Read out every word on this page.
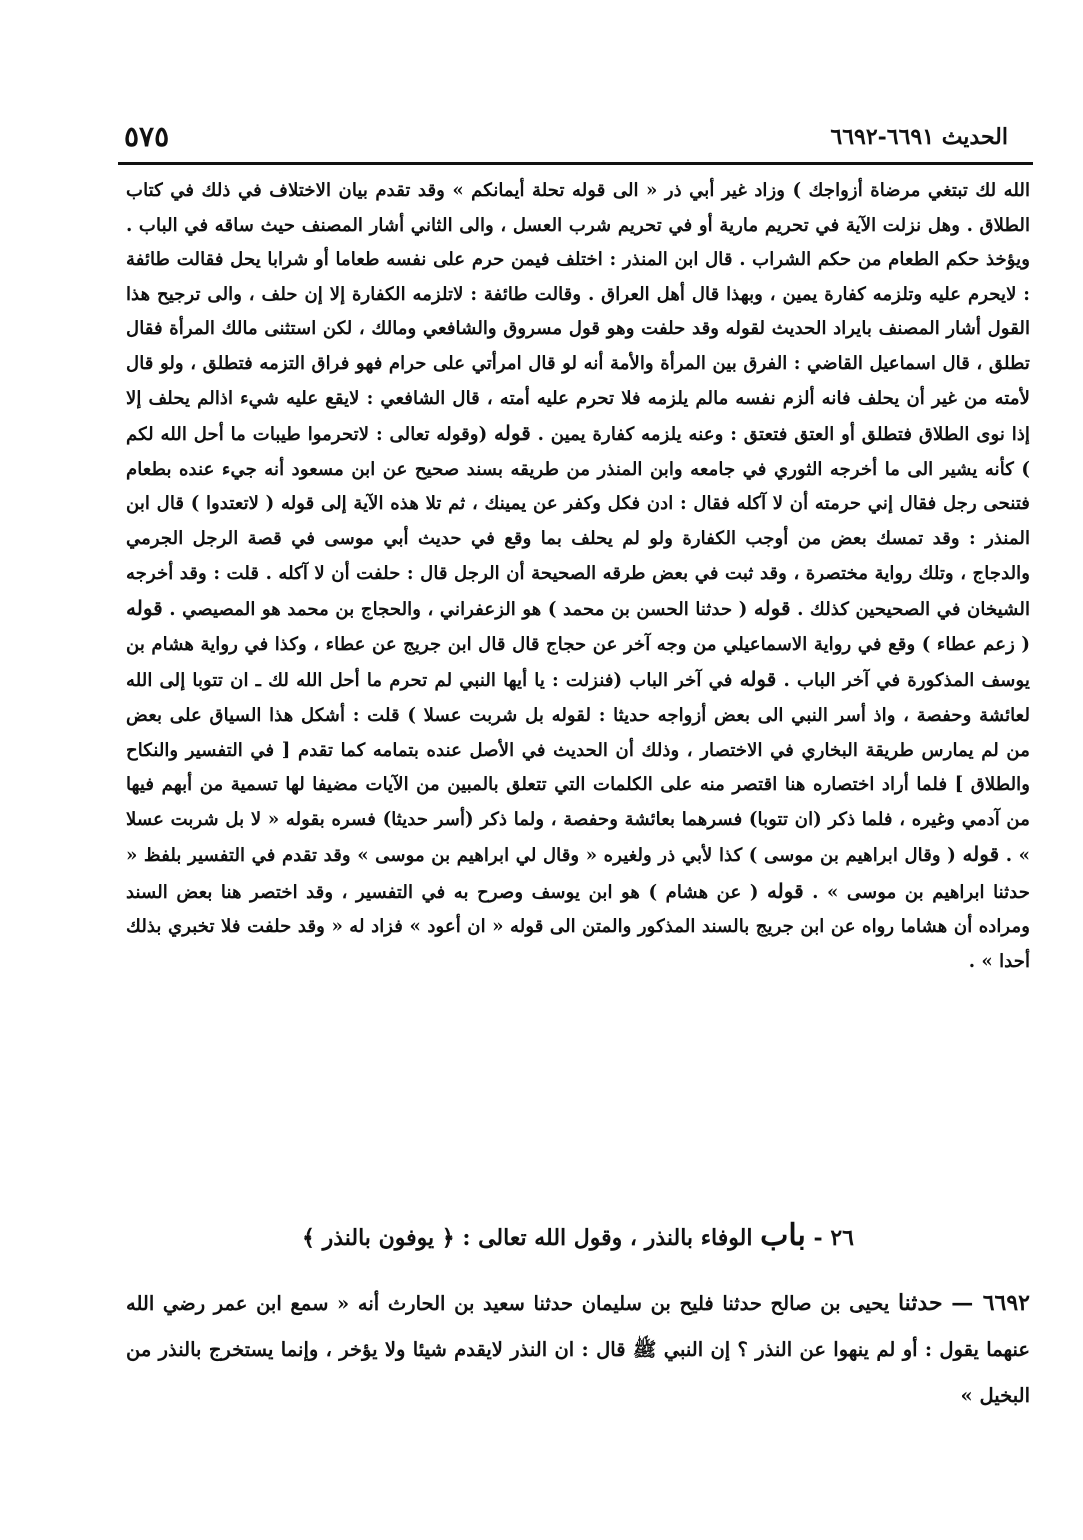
الحديث ٦٦٩١-٦٦٩٢
٥٧٥

الله لك تبتغي مرضاة أزواجك ) وزاد غير أبي ذر « الى قوله تحلة أيمانكم » وقد تقدم بيان الاختلاف في ذلك في كتاب الطلاق . وهل نزلت الآية في تحريم مارية أو في تحريم شرب العسل ، والى الثاني أشار المصنف حيث ساقه في الباب . ويؤخذ حكم الطعام من حكم الشراب . قال ابن المنذر : اختلف فيمن حرم على نفسه طعاما أو شرابا يحل فقالت طائفة : لايحرم عليه وتلزمه كفارة يمين ، وبهذا قال أهل العراق . وقالت طائفة : لاتلزمه الكفارة إلا إن حلف ، والى ترجيح هذا القول أشار المصنف بايراد الحديث لقوله وقد حلفت وهو قول مسروق والشافعي ومالك ، لكن استثنى مالك المرأة فقال تطلق ، قال اسماعيل القاضي : الفرق بين المرأة والأمة أنه لو قال امرأتي على حرام فهو فراق التزمه فتطلق ، ولو قال لأمته من غير أن يحلف فانه ألزم نفسه مالم يلزمه فلا تحرم عليه أمته ، قال الشافعي : لايقع عليه شيء اذالم يحلف إلا إذا نوى الطلاق فتطلق أو العتق فتعتق : وعنه يلزمه كفارة يمين . قوله (وقوله تعالى : لاتحرموا طيبات ما أحل الله لكم ) كأنه يشير الى ما أخرجه الثوري في جامعه وابن المنذر من طريقه بسند صحيح عن ابن مسعود أنه جيء عنده بطعام فتنحى رجل فقال إني حرمته أن لا آكله فقال : ادن فكل وكفر عن يمينك ، ثم تلا هذه الآية إلى قوله ( لاتعتدوا ) قال ابن المنذر : وقد تمسك بعض من أوجب الكفارة ولو لم يحلف بما وقع في حديث أبي موسى في قصة الرجل الجرمي والدجاج ، وتلك رواية مختصرة ، وقد ثبت في بعض طرقه الصحيحة أن الرجل قال : حلفت أن لا آكله . قلت : وقد أخرجه الشيخان في الصحيحين كذلك . قوله ( حدثنا الحسن بن محمد ) هو الزعفراني ، والحجاج بن محمد هو المصيصي . قوله ( زعم عطاء ) وقع في رواية الاسماعيلي من وجه آخر عن حجاج قال قال ابن جريج عن عطاء ، وكذا في رواية هشام بن يوسف المذكورة في آخر الباب . قوله في آخر الباب (فنزلت : يا أيها النبي لم تحرم ما أحل الله لك ـ ان تتوبا إلى الله لعائشة وحفصة ، واذ أسر النبي الى بعض أزواجه حديثا : لقوله بل شربت عسلا ) قلت : أشكل هذا السياق على بعض من لم يمارس طريقة البخاري في الاختصار ، وذلك أن الحديث في الأصل عنده بتمامه كما تقدم [ في التفسير والنكاح والطلاق ] فلما أراد اختصاره هنا اقتصر منه على الكلمات التي تتعلق بالمبين من الآيات مضيفا لها تسمية من أبهم فيها من آدمي وغيره ، فلما ذكر (ان تتوبا) فسرهما بعائشة وحفصة ، ولما ذكر (أسر حديثا) فسره بقوله « لا بل شربت عسلا » . قوله ( وقال ابراهيم بن موسى ) كذا لأبي ذر ولغيره « وقال لي ابراهيم بن موسى » وقد تقدم في التفسير بلفظ « حدثنا ابراهيم بن موسى » . قوله ( عن هشام ) هو ابن يوسف وصرح به في التفسير ، وقد اختصر هنا بعض السند ومراده أن هشاما رواه عن ابن جريج بالسند المذكور والمتن الى قوله « ان أعود » فزاد له « وقد حلفت فلا تخبري بذلك أحدا » .

٢٦ - باب الوفاء بالنذر ، وقول الله تعالى : ﴿ يوفون بالنذر ﴾

٦٦٩٢ — حدثنا يحيى بن صالح حدثنا فليح بن سليمان حدثنا سعيد بن الحارث أنه « سمع ابن عمر رضي الله عنهما يقول : أو لم ينهوا عن النذر ؟ إن النبي ﷺ قال : ان النذر لايقدم شيئا ولا يؤخر ، وإنما يستخرج بالنذر من البخيل »
